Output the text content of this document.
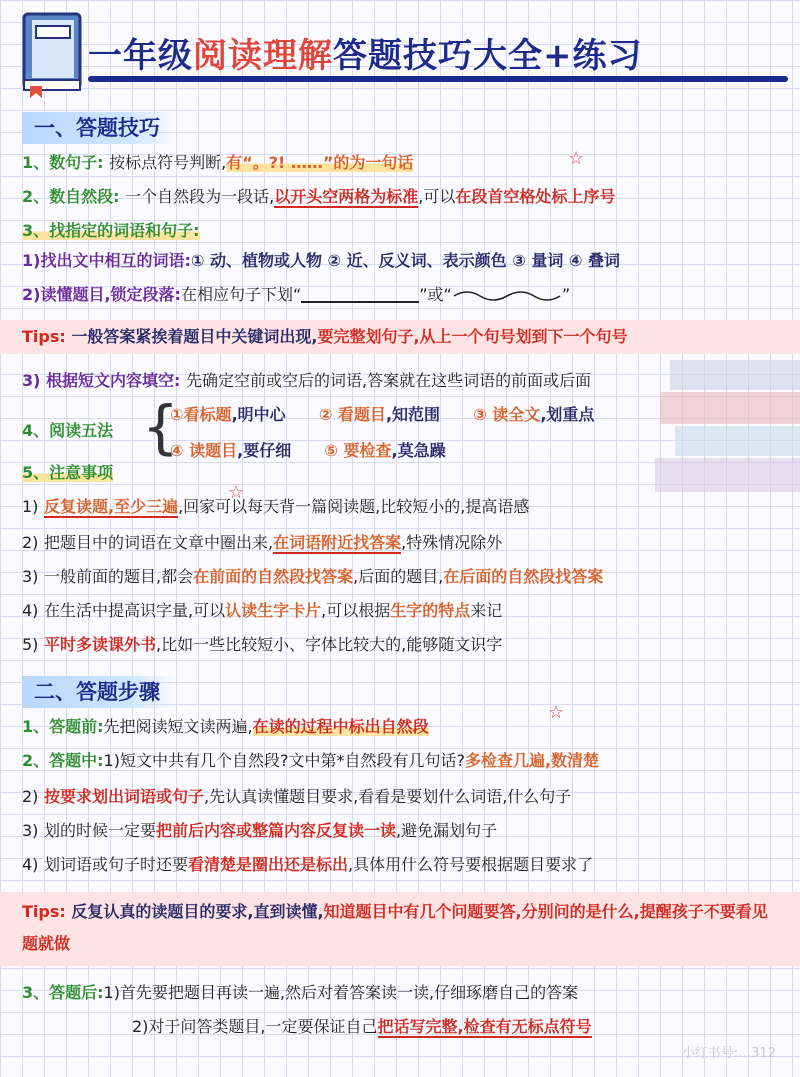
一年级阅读理解答题技巧大全+练习
一、答题技巧
1、数句子: 按标点符号判断,有“。?! ……”的为一句话	☆
2、数自然段: 一个自然段为一段话,以开头空两格为标准,可以在段首空格处标上序号
3、找指定的词语和句子:
1)找出文中相互的词语:① 动、植物或人物 ② 近、反义词、表示颜色 ③ 量词 ④ 叠词
2)读懂题目,锁定段落:在相应句子下划“	”或“	”
Tips: 一般答案紧挨着题目中关键词出现,要完整划句子,从上一个句号划到下一个句号
3) 根据短文内容填空: 先确定空前或空后的词语,答案就在这些词语的前面或后面
4、阅读五法 {
①看标题,明中心 ② 看题目,知范围 ③ 读全文,划重点
④ 读题目,要仔细 ⑤ 要检查,莫急躁
5、注意事项
1) 反复读题,至少三遍,回家可以每天背一篇阅读题,比较短小的,提高语感
☆
2) 把题目中的词语在文章中圈出来,在词语附近找答案,特殊情况除外
3) 一般前面的题目,都会在前面的自然段找答案,后面的题目,在后面的自然段找答案
4) 在生活中提高识字量,可以认读生字卡片,可以根据生字的特点来记
5) 平时多读课外书,比如一些比较短小、字体比较大的,能够随文识字
二、答题步骤
1、答题前:先把阅读短文读两遍,在读的过程中标出自然段
☆
2、答题中:1)短文中共有几个自然段?文中第*自然段有几句话?多检查几遍,数清楚
2) 按要求划出词语或句子,先认真读懂题目要求,看看是要划什么词语,什么句子
3) 划的时候一定要把前后内容或整篇内容反复读一读,避免漏划句子
4) 划词语或句子时还要看清楚是圈出还是标出,具体用什么符号要根据题目要求了
Tips: 反复认真的读题目的要求,直到读懂,知道题目中有几个问题要答,分别问的是什么,提醒孩子不要看见题就做
3、答题后:1)首先要把题目再读一遍,然后对着答案读一读,仔细琢磨自己的答案
2)对于问答类题目,一定要保证自己把话写完整,检查有无标点符号
小红书号:…312
